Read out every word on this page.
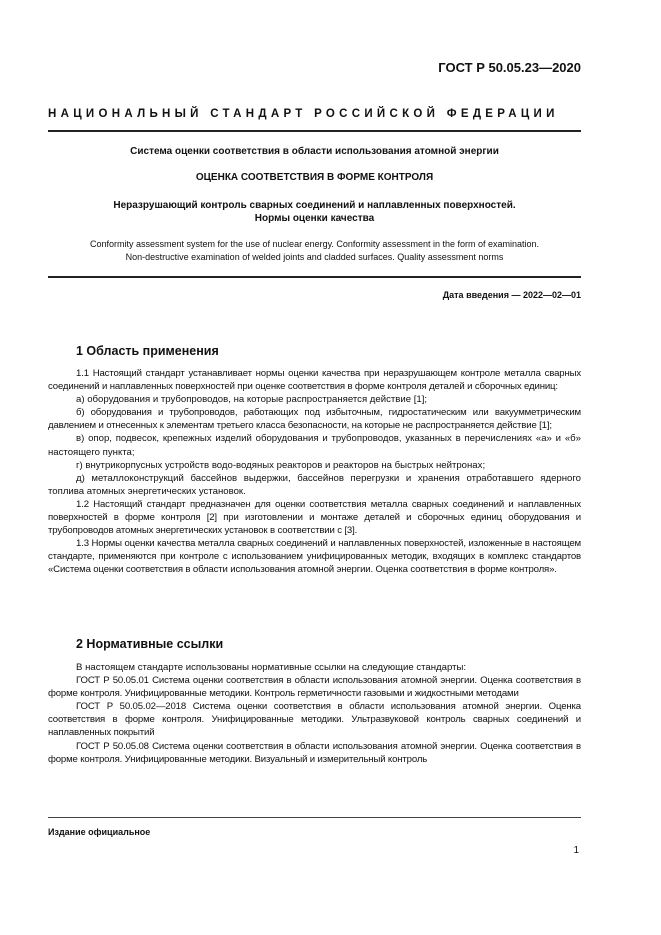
ГОСТ Р 50.05.23—2020
НАЦИОНАЛЬНЫЙ СТАНДАРТ РОССИЙСКОЙ ФЕДЕРАЦИИ
Система оценки соответствия в области использования атомной энергии
ОЦЕНКА СООТВЕТСТВИЯ В ФОРМЕ КОНТРОЛЯ
Неразрушающий контроль сварных соединений и наплавленных поверхностей.
Нормы оценки качества
Conformity assessment system for the use of nuclear energy. Conformity assessment in the form of examination.
Non-destructive examination of welded joints and cladded surfaces. Quality assessment norms
Дата введения — 2022—02—01
1 Область применения

1.1 Настоящий стандарт устанавливает нормы оценки качества при неразрушающем контроле металла сварных соединений и наплавленных поверхностей при оценке соответствия в форме контроля деталей и сборочных единиц:

а) оборудования и трубопроводов, на которые распространяется действие [1];

б) оборудования и трубопроводов, работающих под избыточным, гидростатическим или вакуумметрическим давлением и отнесенных к элементам третьего класса безопасности, на которые не распространяется действие [1];

в) опор, подвесок, крепежных изделий оборудования и трубопроводов, указанных в перечислениях «а» и «б» настоящего пункта;

г) внутрикорпусных устройств водо-водяных реакторов и реакторов на быстрых нейтронах;

д) металлоконструкций бассейнов выдержки, бассейнов перегрузки и хранения отработавшего ядерного топлива атомных энергетических установок.

1.2 Настоящий стандарт предназначен для оценки соответствия металла сварных соединений и наплавленных поверхностей в форме контроля [2] при изготовлении и монтаже деталей и сборочных единиц оборудования и трубопроводов атомных энергетических установок в соответствии с [3].

1.3 Нормы оценки качества металла сварных соединений и наплавленных поверхностей, изложенные в настоящем стандарте, применяются при контроле с использованием унифицированных методик, входящих в комплекс стандартов «Система оценки соответствия в области использования атомной энергии. Оценка соответствия в форме контроля».

2 Нормативные ссылки

В настоящем стандарте использованы нормативные ссылки на следующие стандарты:

ГОСТ Р 50.05.01 Система оценки соответствия в области использования атомной энергии. Оценка соответствия в форме контроля. Унифицированные методики. Контроль герметичности газовыми и жидкостными методами

ГОСТ Р 50.05.02—2018 Система оценки соответствия в области использования атомной энергии. Оценка соответствия в форме контроля. Унифицированные методики. Ультразвуковой контроль сварных соединений и наплавленных покрытий

ГОСТ Р 50.05.08 Система оценки соответствия в области использования атомной энергии. Оценка соответствия в форме контроля. Унифицированные методики. Визуальный и измерительный контроль

Издание официальное
1
